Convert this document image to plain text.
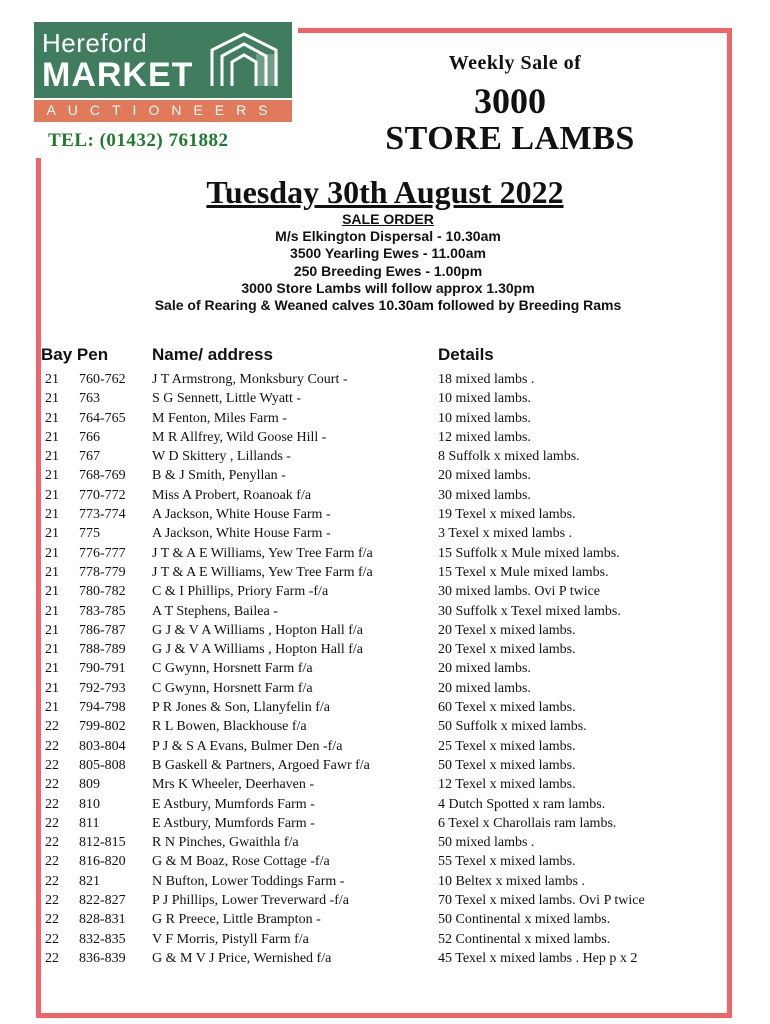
Hereford
MARKET
AUCTIONEERS
TEL: (01432) 761882
Weekly Sale of
3000
STORE LAMBS
Tuesday 30th August 2022
SALE ORDER
M/s Elkington Dispersal - 10.30am
3500 Yearling Ewes - 11.00am
250 Breeding Ewes - 1.00pm
3000 Store Lambs will follow approx 1.30pm
Sale of Rearing & Weaned calves 10.30am followed by Breeding Rams
Bay Pen	Name/ address	Details
21 760-762 J T Armstrong, Monksbury Court -	18 mixed lambs .
21 763	S G Sennett, Little Wyatt -	10 mixed lambs.
21 764-765 M Fenton, Miles Farm -	10 mixed lambs.
21 766	M R Allfrey, Wild Goose Hill -	12 mixed lambs.
21 767	W D Skittery , Lillands -	8 Suffolk x mixed lambs.
21 768-769 B & J Smith, Penyllan -	20 mixed lambs.
21 770-772 Miss A Probert, Roanoak f/a	30 mixed lambs.
21 773-774 A Jackson, White House Farm -	19 Texel x mixed lambs.
21 775	A Jackson, White House Farm -	3 Texel x mixed lambs .
21 776-777 J T & A E Williams, Yew Tree Farm f/a	15 Suffolk x Mule mixed lambs.
21 778-779 J T & A E Williams, Yew Tree Farm f/a	15 Texel x Mule mixed lambs.
21 780-782 C & I Phillips, Priory Farm -f/a	30 mixed lambs. Ovi P twice
21 783-785 A T Stephens, Bailea -	30 Suffolk x Texel mixed lambs.
21 786-787 G J & V A Williams , Hopton Hall f/a	20 Texel x mixed lambs.
21 788-789 G J & V A Williams , Hopton Hall f/a	20 Texel x mixed lambs.
21 790-791 C Gwynn, Horsnett Farm f/a	20 mixed lambs.
21 792-793 C Gwynn, Horsnett Farm f/a	20 mixed lambs.
21 794-798 P R Jones & Son, Llanyfelin f/a	60 Texel x mixed lambs.
22 799-802 R L Bowen, Blackhouse f/a	50 Suffolk x mixed lambs.
22 803-804 P J & S A Evans, Bulmer Den -f/a	25 Texel x mixed lambs.
22 805-808 B Gaskell & Partners, Argoed Fawr f/a	50 Texel x mixed lambs.
22 809	Mrs K Wheeler, Deerhaven -	12 Texel x mixed lambs.
22 810	E Astbury, Mumfords Farm -	4 Dutch Spotted x ram lambs.
22 811	E Astbury, Mumfords Farm -	6 Texel x Charollais ram lambs.
22 812-815 R N Pinches, Gwaithla f/a	50 mixed lambs .
22 816-820 G & M Boaz, Rose Cottage -f/a	55 Texel x mixed lambs.
22 821	N Bufton, Lower Toddings Farm -	10 Beltex x mixed lambs .
22 822-827 P J Phillips, Lower Treverward -f/a	70 Texel x mixed lambs. Ovi P twice
22 828-831 G R Preece, Little Brampton -	50 Continental x mixed lambs.
22 832-835 V F Morris, Pistyll Farm f/a	52 Continental x mixed lambs.
22 836-839 G & M V J Price, Wernished f/a	45 Texel x mixed lambs . Hep p x 2
